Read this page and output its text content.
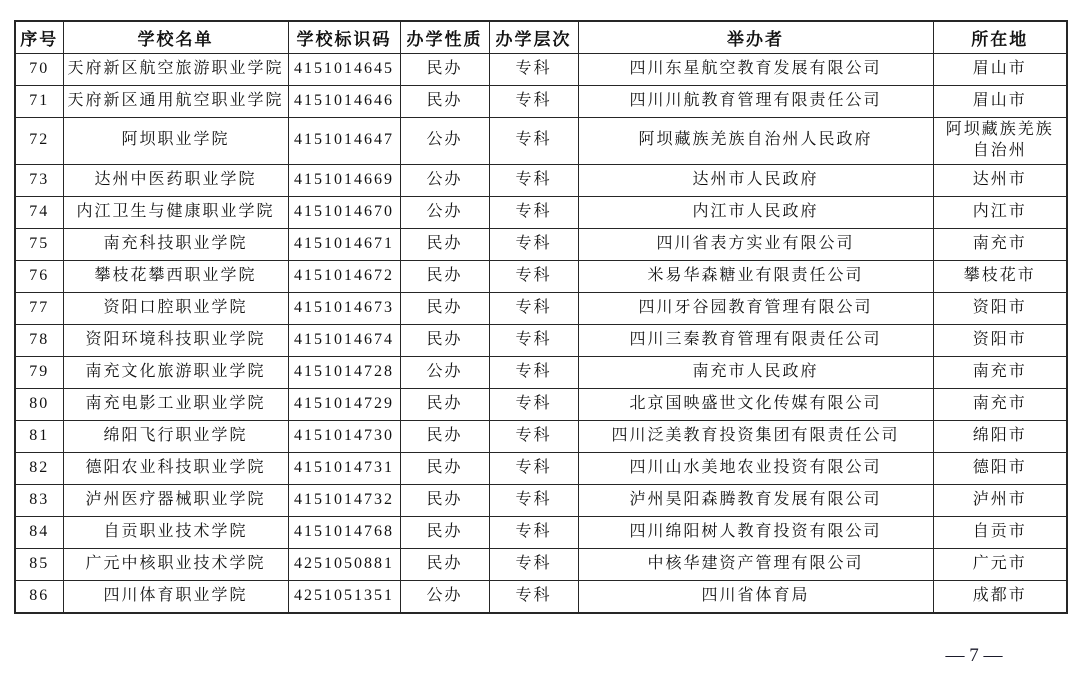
序号	学校名单	学校标识码	办学性质	办学层次	举办者	所在地
70	天府新区航空旅游职业学院	4151014645	民办	专科	四川东星航空教育发展有限公司	眉山市
71	天府新区通用航空职业学院	4151014646	民办	专科	四川川航教育管理有限责任公司	眉山市
72	阿坝职业学院	4151014647	公办	专科	阿坝藏族羌族自治州人民政府	阿坝藏族羌族自治州
73	达州中医药职业学院	4151014669	公办	专科	达州市人民政府	达州市
74	内江卫生与健康职业学院	4151014670	公办	专科	内江市人民政府	内江市
75	南充科技职业学院	4151014671	民办	专科	四川省表方实业有限公司	南充市
76	攀枝花攀西职业学院	4151014672	民办	专科	米易华森糖业有限责任公司	攀枝花市
77	资阳口腔职业学院	4151014673	民办	专科	四川牙谷园教育管理有限公司	资阳市
78	资阳环境科技职业学院	4151014674	民办	专科	四川三秦教育管理有限责任公司	资阳市
79	南充文化旅游职业学院	4151014728	公办	专科	南充市人民政府	南充市
80	南充电影工业职业学院	4151014729	民办	专科	北京国映盛世文化传媒有限公司	南充市
81	绵阳飞行职业学院	4151014730	民办	专科	四川泛美教育投资集团有限责任公司	绵阳市
82	德阳农业科技职业学院	4151014731	民办	专科	四川山水美地农业投资有限公司	德阳市
83	泸州医疗器械职业学院	4151014732	民办	专科	泸州昊阳森腾教育发展有限公司	泸州市
84	自贡职业技术学院	4151014768	民办	专科	四川绵阳树人教育投资有限公司	自贡市
85	广元中核职业技术学院	4251050881	民办	专科	中核华建资产管理有限公司	广元市
86	四川体育职业学院	4251051351	公办	专科	四川省体育局	成都市
— 7 —
